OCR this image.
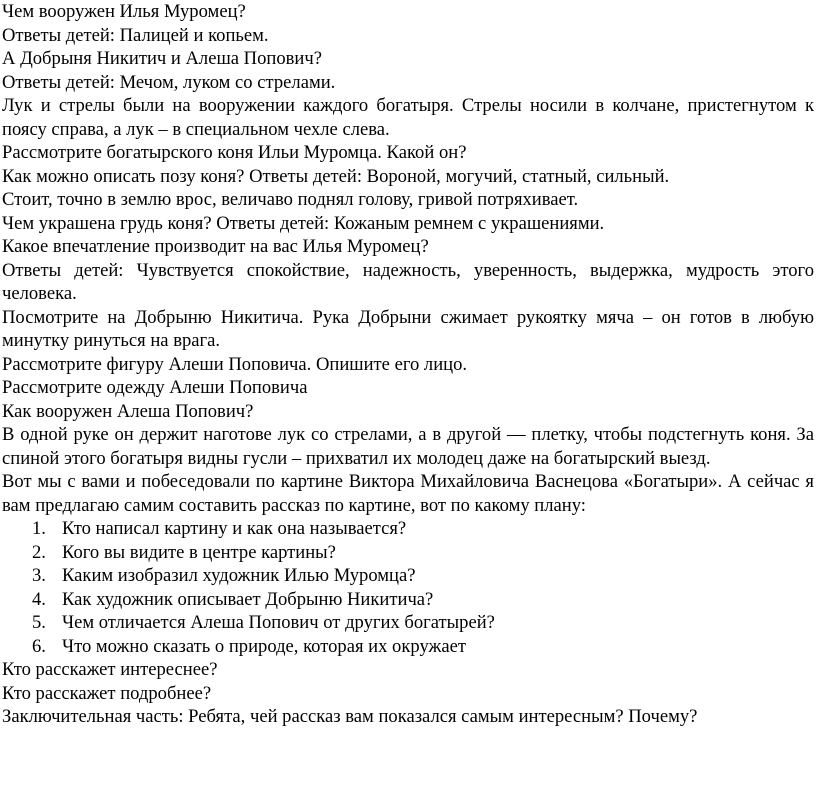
Чем вооружен Илья Муромец?

Ответы детей: Палицей и копьем.

А Добрыня Никитич и Алеша Попович?

Ответы детей: Мечом, луком со стрелами.

Лук и стрелы были на вооружении каждого богатыря. Стрелы носили в колчане, пристегнутом к поясу справа, а лук – в специальном чехле слева.

Рассмотрите богатырского коня Ильи Муромца. Какой он?

Как можно описать позу коня? Ответы детей: Вороной, могучий, статный, сильный.

Стоит, точно в землю врос, величаво поднял голову, гривой потряхивает.

Чем украшена грудь коня? Ответы детей: Кожаным ремнем с украшениями.

Какое впечатление производит на вас Илья Муромец?

Ответы детей: Чувствуется спокойствие, надежность, уверенность, выдержка, мудрость этого человека.

Посмотрите на Добрыню Никитича. Рука Добрыни сжимает рукоятку мяча – он готов в любую минутку ринуться на врага.

Рассмотрите фигуру Алеши Поповича. Опишите его лицо.

Рассмотрите одежду Алеши Поповича

Как вооружен Алеша Попович?

В одной руке он держит наготове лук со стрелами, а в другой — плетку, чтобы подстегнуть коня. За спиной этого богатыря видны гусли – прихватил их молодец даже на богатырский выезд.

Вот мы с вами и побеседовали по картине Виктора Михайловича Васнецова «Богатыри». А сейчас я вам предлагаю самим составить рассказ по картине, вот по какому плану:

1. Кто написал картину и как она называется?
2. Кого вы видите в центре картины?
3. Каким изобразил художник Илью Муромца?
4. Как художник описывает Добрыню Никитича?
5. Чем отличается Алеша Попович от других богатырей?
6. Что можно сказать о природе, которая их окружает

Кто расскажет интереснее?

Кто расскажет подробнее?

Заключительная часть: Ребята, чей рассказ вам показался самым интересным? Почему?
